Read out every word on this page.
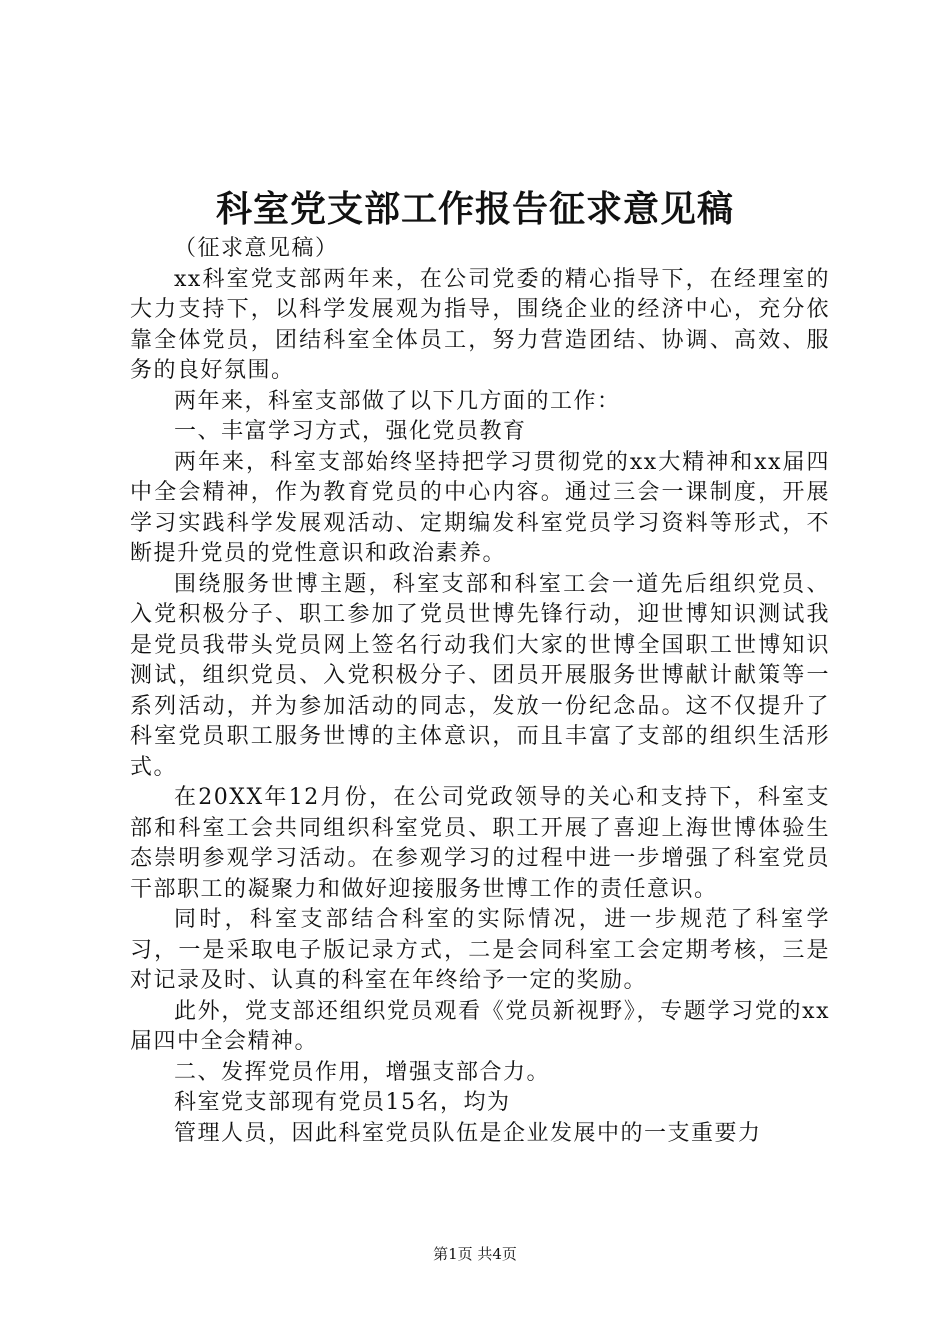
科室党支部工作报告征求意见稿

（征求意见稿）

xx科室党支部两年来，在公司党委的精心指导下，在经理室的大力支持下，以科学发展观为指导，围绕企业的经济中心，充分依靠全体党员，团结科室全体员工，努力营造团结、协调、高效、服务的良好氛围。

两年来，科室支部做了以下几方面的工作：

一、丰富学习方式，强化党员教育

两年来，科室支部始终坚持把学习贯彻党的xx大精神和xx届四中全会精神，作为教育党员的中心内容。通过三会一课制度，开展学习实践科学发展观活动、定期编发科室党员学习资料等形式，不断提升党员的党性意识和政治素养。

围绕服务世博主题，科室支部和科室工会一道先后组织党员、入党积极分子、职工参加了党员世博先锋行动，迎世博知识测试我是党员我带头党员网上签名行动我们大家的世博全国职工世博知识测试，组织党员、入党积极分子、团员开展服务世博献计献策等一系列活动，并为参加活动的同志，发放一份纪念品。这不仅提升了科室党员职工服务世博的主体意识，而且丰富了支部的组织生活形式。

在20XX年12月份，在公司党政领导的关心和支持下，科室支部和科室工会共同组织科室党员、职工开展了喜迎上海世博体验生态崇明参观学习活动。在参观学习的过程中进一步增强了科室党员干部职工的凝聚力和做好迎接服务世博工作的责任意识。

同时，科室支部结合科室的实际情况，进一步规范了科室学习，一是采取电子版记录方式，二是会同科室工会定期考核，三是对记录及时、认真的科室在年终给予一定的奖励。

此外，党支部还组织党员观看《党员新视野》，专题学习党的xx届四中全会精神。

二、发挥党员作用，增强支部合力。

科室党支部现有党员15名，均为

管理人员，因此科室党员队伍是企业发展中的一支重要力

第1页 共4页
